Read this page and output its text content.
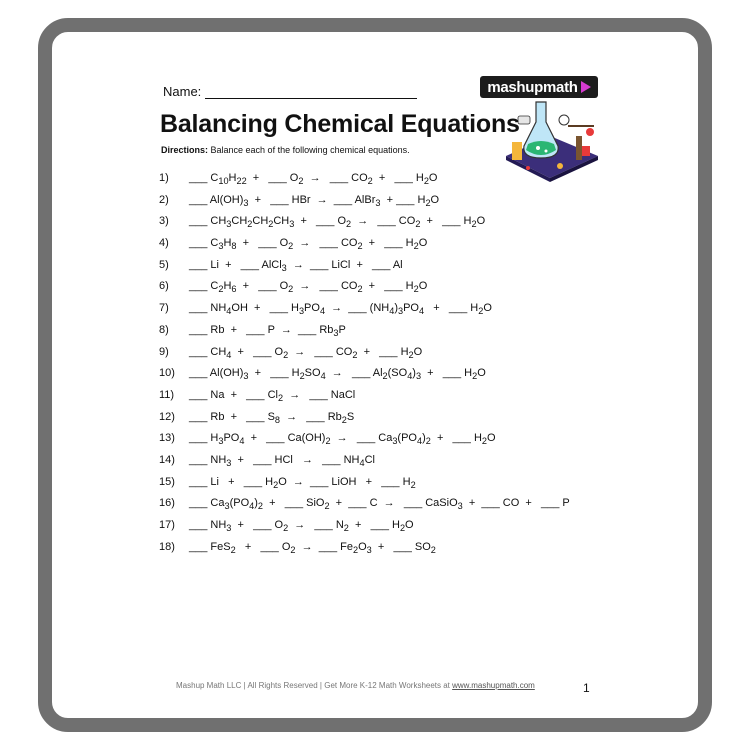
Name:	mashupmath
Balancing Chemical Equations
Directions: Balance each of the following chemical equations.
1) ___ $C_{10}H_{22}$  +   ___ $O_2$  →   ___ $CO_2$  +   ___ $H_2O$
2) ___ $Al(OH)_3$  +   ___ HBr  →  ___ AlBr$_3$  + ___ $H_2O$
3) ___ $CH_3CH_2CH_2CH_3$  +   ___ $O_2$  →   ___ $CO_2$  +   ___ $H_2O$
4) ___ $C_3H_8$  +   ___ $O_2$  →   ___ $CO_2$  +   ___ $H_2O$
5) ___ Li  +   ___ AlCl$_3$  →  ___ LiCl  +   ___ Al
6) ___ $C_2H_6$  +   ___ $O_2$  →   ___ $CO_2$  +   ___ $H_2O$
7) ___ $NH_4OH$  +   ___ $H_3PO_4$  →  ___ $(NH_4)_3PO_4$   +   ___ $H_2O$
8) ___ Rb  +   ___ P  →  ___ $Rb_3P$
9) ___ $CH_4$  +   ___ $O_2$  →   ___ $CO_2$  +   ___ $H_2O$
10) ___ $Al(OH)_3$  +   ___ $H_2SO_4$  →   ___ $Al_2(SO_4)_3$  +   ___ $H_2O$
11) ___ Na  +   ___ $Cl_2$  →   ___ NaCl
12) ___ Rb  +   ___ $S_8$  →   ___ $Rb_2S$
13) ___ $H_3PO_4$  +   ___ $Ca(OH)_2$  →   ___ $Ca_3(PO_4)_2$  +   ___ $H_2O$
14) ___ $NH_3$  +   ___ HCl   →   ___ $NH_4Cl$
15) ___ Li   +   ___ $H_2O$  →  ___ LiOH   +   ___ $H_2$
16) ___ $Ca_3(PO_4)_2$  +   ___ SiO$_2$  +  ___ C  →   ___ CaSiO$_3$  +  ___ CO  +   ___ P
17) ___ $NH_3$  +   ___ $O_2$  →   ___ $N_2$  +   ___ $H_2O$
18) ___ FeS$_2$   +   ___ $O_2$  →  ___ $Fe_2O_3$  +   ___ $SO_2$
Mashup Math LLC | All Rights Reserved | Get More K-12 Math Worksheets at www.mashupmath.com	1
